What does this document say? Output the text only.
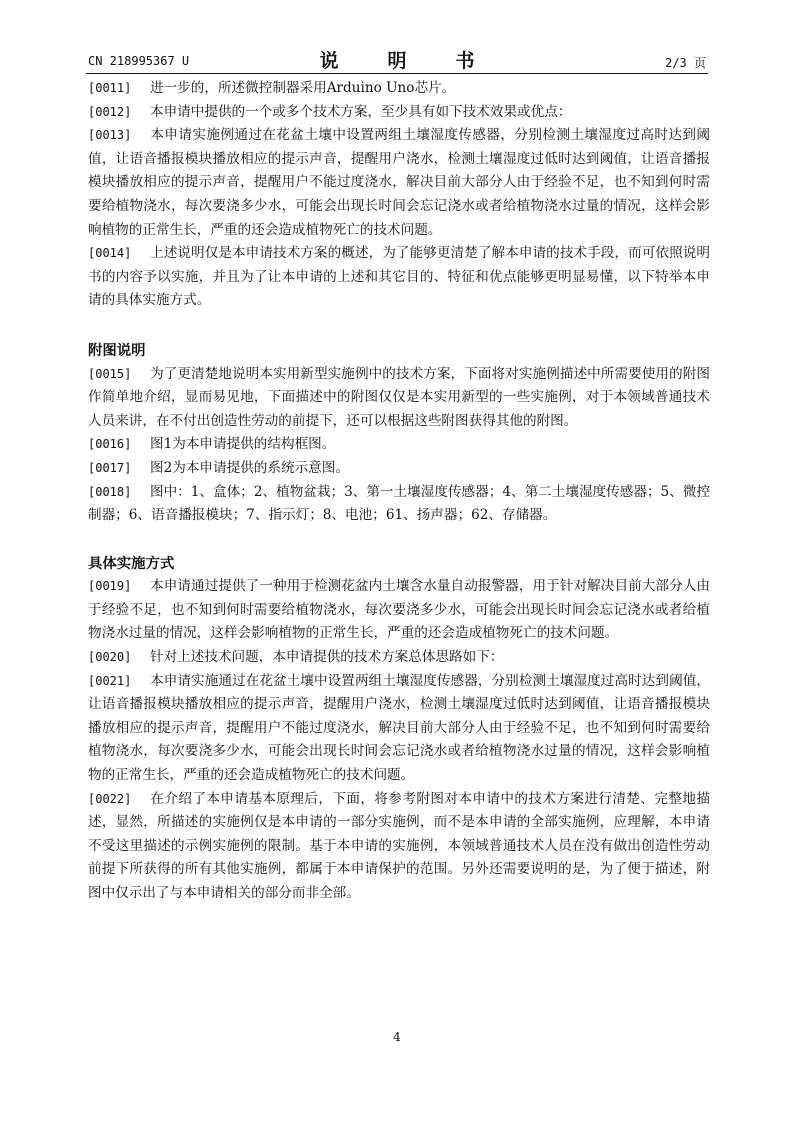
CN 218995367 U	说　明　书	2/3 页

[0011] 进一步的，所述微控制器采用Arduino Uno芯片。

[0012] 本申请中提供的一个或多个技术方案，至少具有如下技术效果或优点：

[0013] 本申请实施例通过在花盆土壤中设置两组土壤湿度传感器，分别检测土壤湿度过高时达到阈值，让语音播报模块播放相应的提示声音，提醒用户浇水，检测土壤湿度过低时达到阈值，让语音播报模块播放相应的提示声音，提醒用户不能过度浇水，解决目前大部分人由于经验不足，也不知到何时需要给植物浇水，每次要浇多少水，可能会出现长时间会忘记浇水或者给植物浇水过量的情况，这样会影响植物的正常生长，严重的还会造成植物死亡的技术问题。

[0014] 上述说明仅是本申请技术方案的概述，为了能够更清楚了解本申请的技术手段，而可依照说明书的内容予以实施，并且为了让本申请的上述和其它目的、特征和优点能够更明显易懂，以下特举本申请的具体实施方式。

附图说明

[0015] 为了更清楚地说明本实用新型实施例中的技术方案，下面将对实施例描述中所需要使用的附图作简单地介绍，显而易见地，下面描述中的附图仅仅是本实用新型的一些实施例，对于本领域普通技术人员来讲，在不付出创造性劳动的前提下，还可以根据这些附图获得其他的附图。

[0016] 图1为本申请提供的结构框图。

[0017] 图2为本申请提供的系统示意图。

[0018] 图中：1、盒体；2、植物盆栽；3、第一土壤湿度传感器；4、第二土壤湿度传感器；5、微控制器；6、语音播报模块；7、指示灯；8、电池；61、扬声器；62、存储器。

具体实施方式

[0019] 本申请通过提供了一种用于检测花盆内土壤含水量自动报警器，用于针对解决目前大部分人由于经验不足，也不知到何时需要给植物浇水，每次要浇多少水，可能会出现长时间会忘记浇水或者给植物浇水过量的情况，这样会影响植物的正常生长，严重的还会造成植物死亡的技术问题。

[0020] 针对上述技术问题，本申请提供的技术方案总体思路如下：

[0021] 本申请实施通过在花盆土壤中设置两组土壤湿度传感器，分别检测土壤湿度过高时达到阈值，让语音播报模块播放相应的提示声音，提醒用户浇水，检测土壤湿度过低时达到阈值，让语音播报模块播放相应的提示声音，提醒用户不能过度浇水，解决目前大部分人由于经验不足，也不知到何时需要给植物浇水，每次要浇多少水，可能会出现长时间会忘记浇水或者给植物浇水过量的情况，这样会影响植物的正常生长，严重的还会造成植物死亡的技术问题。

[0022] 在介绍了本申请基本原理后，下面，将参考附图对本申请中的技术方案进行清楚、完整地描述，显然，所描述的实施例仅是本申请的一部分实施例，而不是本申请的全部实施例，应理解，本申请不受这里描述的示例实施例的限制。基于本申请的实施例，本领域普通技术人员在没有做出创造性劳动前提下所获得的所有其他实施例，都属于本申请保护的范围。另外还需要说明的是，为了便于描述，附图中仅示出了与本申请相关的部分而非全部。

4
